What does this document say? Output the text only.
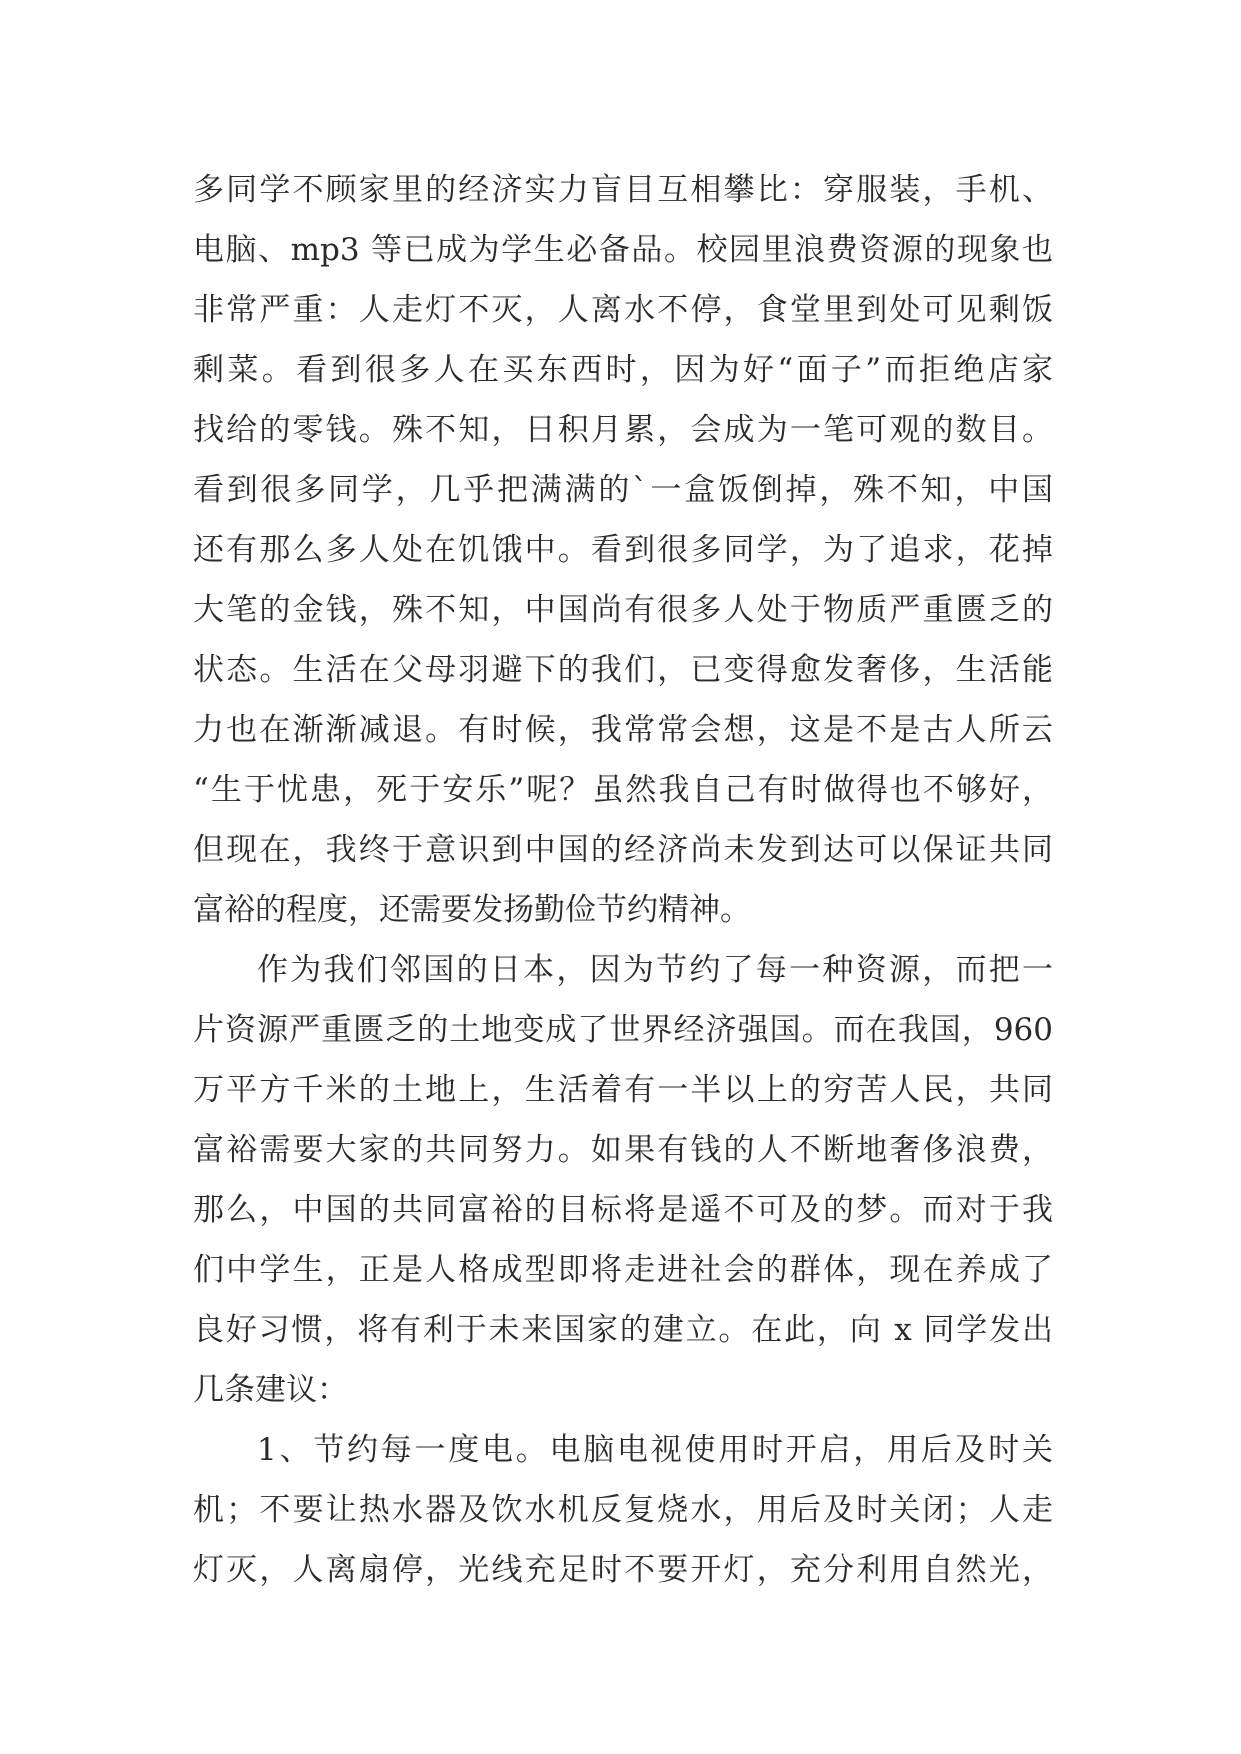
多同学不顾家里的经济实力盲目互相攀比：穿服装，手机、
电脑、mp3 等已成为学生必备品。校园里浪费资源的现象也
非常严重：人走灯不灭，人离水不停，食堂里到处可见剩饭
剩菜。看到很多人在买东西时，因为好“面子”而拒绝店家
找给的零钱。殊不知，日积月累，会成为一笔可观的数目。
看到很多同学，几乎把满满的`一盒饭倒掉，殊不知，中国
还有那么多人处在饥饿中。看到很多同学，为了追求，花掉
大笔的金钱，殊不知，中国尚有很多人处于物质严重匮乏的
状态。生活在父母羽避下的我们，已变得愈发奢侈，生活能
力也在渐渐减退。有时候，我常常会想，这是不是古人所云
“生于忧患，死于安乐”呢？虽然我自己有时做得也不够好，
但现在，我终于意识到中国的经济尚未发到达可以保证共同
富裕的程度，还需要发扬勤俭节约精神。
作为我们邻国的日本，因为节约了每一种资源，而把一
片资源严重匮乏的土地变成了世界经济强国。而在我国，960
万平方千米的土地上，生活着有一半以上的穷苦人民，共同
富裕需要大家的共同努力。如果有钱的人不断地奢侈浪费，
那么，中国的共同富裕的目标将是遥不可及的梦。而对于我
们中学生，正是人格成型即将走进社会的群体，现在养成了
良好习惯，将有利于未来国家的建立。在此，向 x 同学发出
几条建议：
1、节约每一度电。电脑电视使用时开启，用后及时关
机；不要让热水器及饮水机反复烧水，用后及时关闭；人走
灯灭，人离扇停，光线充足时不要开灯，充分利用自然光，
